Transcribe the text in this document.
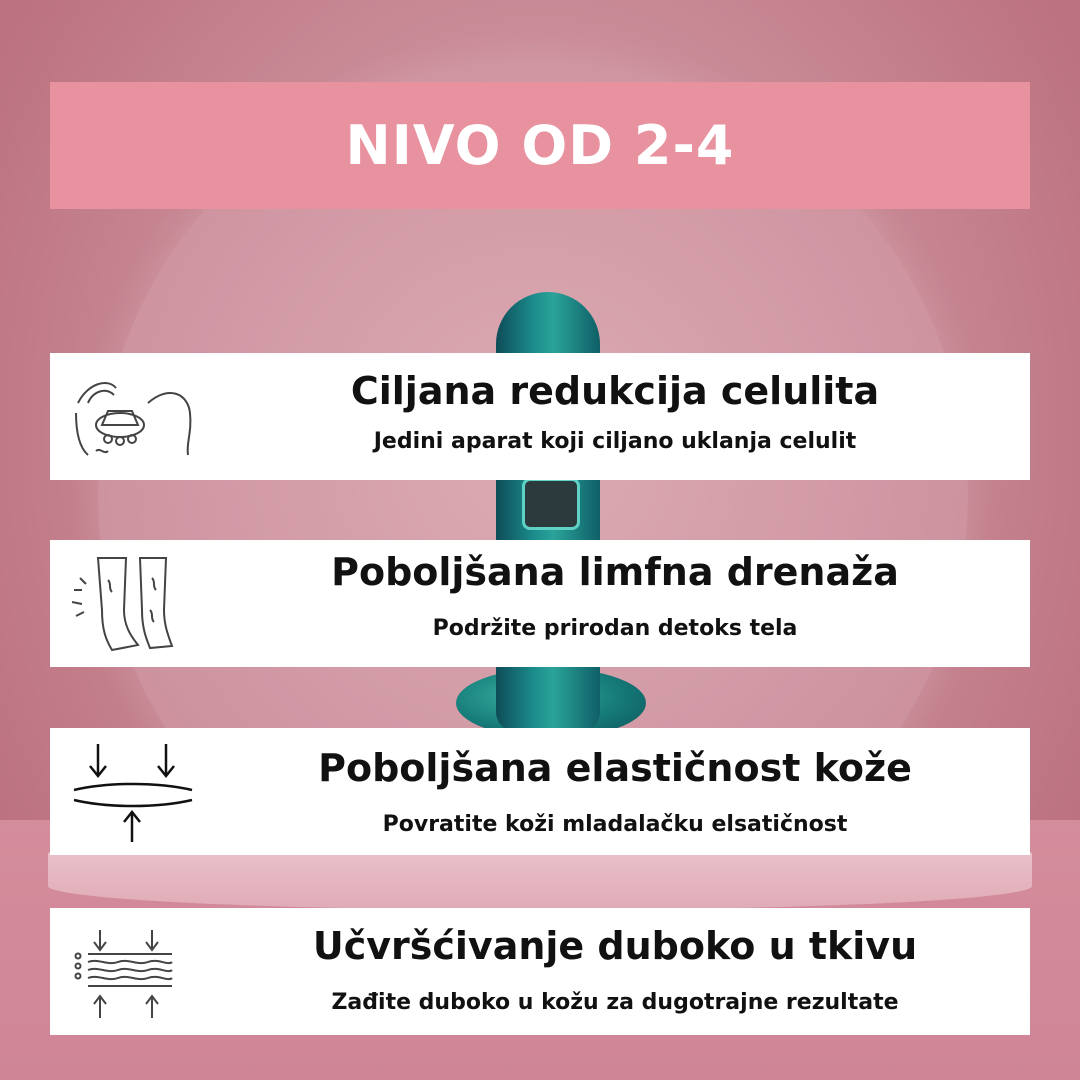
NIVO OD 2-4
Ciljana redukcija celulita
Jedini aparat koji ciljano uklanja celulit
Poboljšana limfna drenaža
Podržite prirodan detoks tela
Poboljšana elastičnost kože
Povratite koži mladalačku elsatičnost
Učvršćivanje duboko u tkivu
Zađite duboko u kožu za dugotrajne rezultate
